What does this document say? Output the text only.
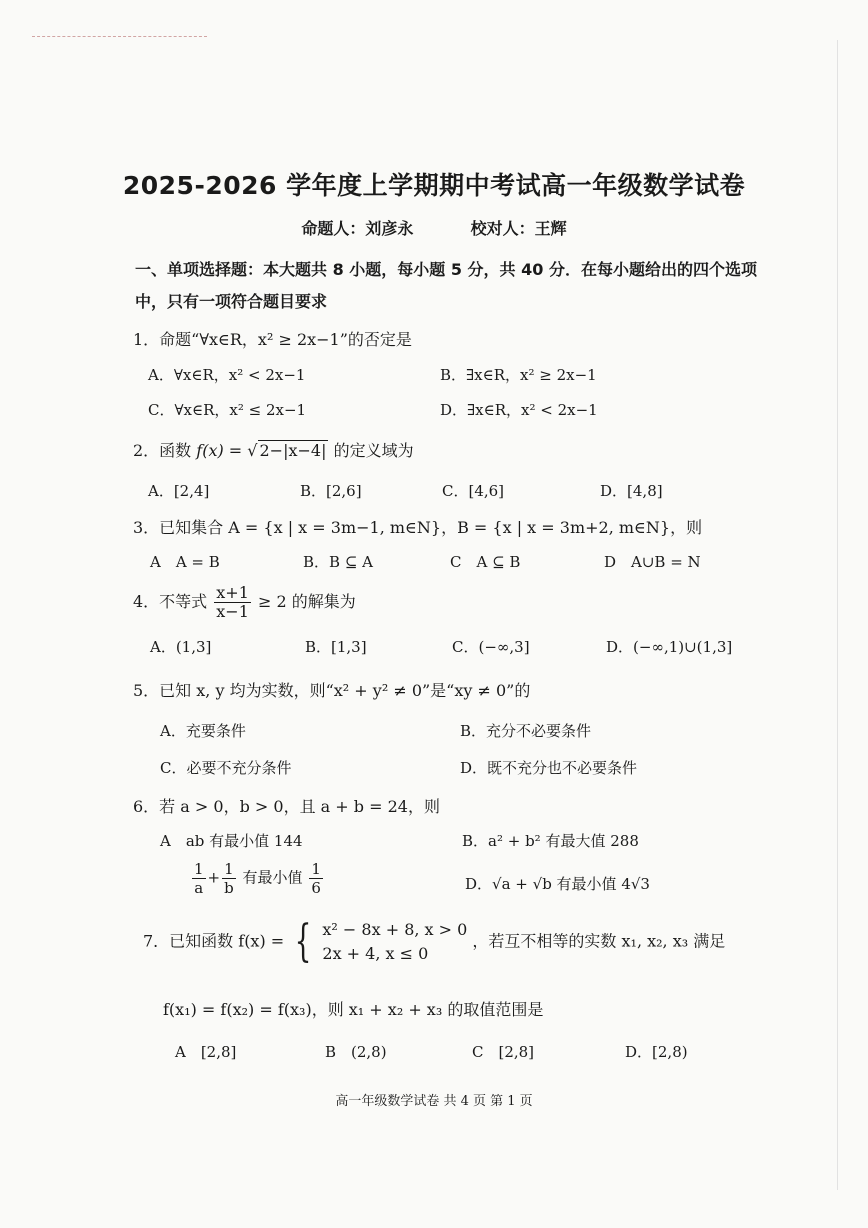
2025-2026 学年度上学期期中考试高一年级数学试卷
命题人：刘彦永	校对人：王辉
一、单项选择题：本大题共 8 小题，每小题 5 分，共 40 分．在每小题给出的四个选项中，只有一项符合题目要求
1．命题“∀x∈R，x² ≥ 2x−1”的否定是
A．∀x∈R，x² < 2x−1	B．∃x∈R，x² ≥ 2x−1
C．∀x∈R，x² ≤ 2x−1	D．∃x∈R，x² < 2x−1
2．函数 f(x) = √ 2−|x−4| 的定义域为
A．[2,4]	B．[2,6]	C．[4,6]	D．[4,8]
3．已知集合 A = {x | x = 3m−1, m∈N}，B = {x | x = 3m+2, m∈N}，则
A　A = B	B．B ⊆ A	C　A ⊆ B	D　A∪B = N
4．不等式 $\frac{x+1}{x-1} \ge 2$ 的解集为
A．(1,3]	B．[1,3]	C．(−∞,3]	D．(−∞,1)∪(1,3]
5．已知 x, y 均为实数，则“x² + y² ≠ 0”是“xy ≠ 0”的
A．充要条件	B．充分不必要条件
C．必要不充分条件	D．既不充分也不必要条件
6．若 a > 0，b > 0，且 a + b = 24，则
A　ab 有最小值 144	B．a² + b² 有最大值 288
$\frac{1}{a} + \frac{1}{b}$ 有最小值 $\frac{1}{6}$	D．√a + √b 有最小值 4√3
7．已知函数 f(x) = { x² − 8x + 8, x > 0
2x + 4, x ≤ 0
，若互不相等的实数 x₁, x₂, x₃ 满足
f(x₁) = f(x₂) = f(x₃)，则 x₁ + x₂ + x₃ 的取值范围是
A　[2,8]	B　(2,8)	C　[2,8]	D．[2,8)
高一年级数学试卷 共 4 页 第 1 页
